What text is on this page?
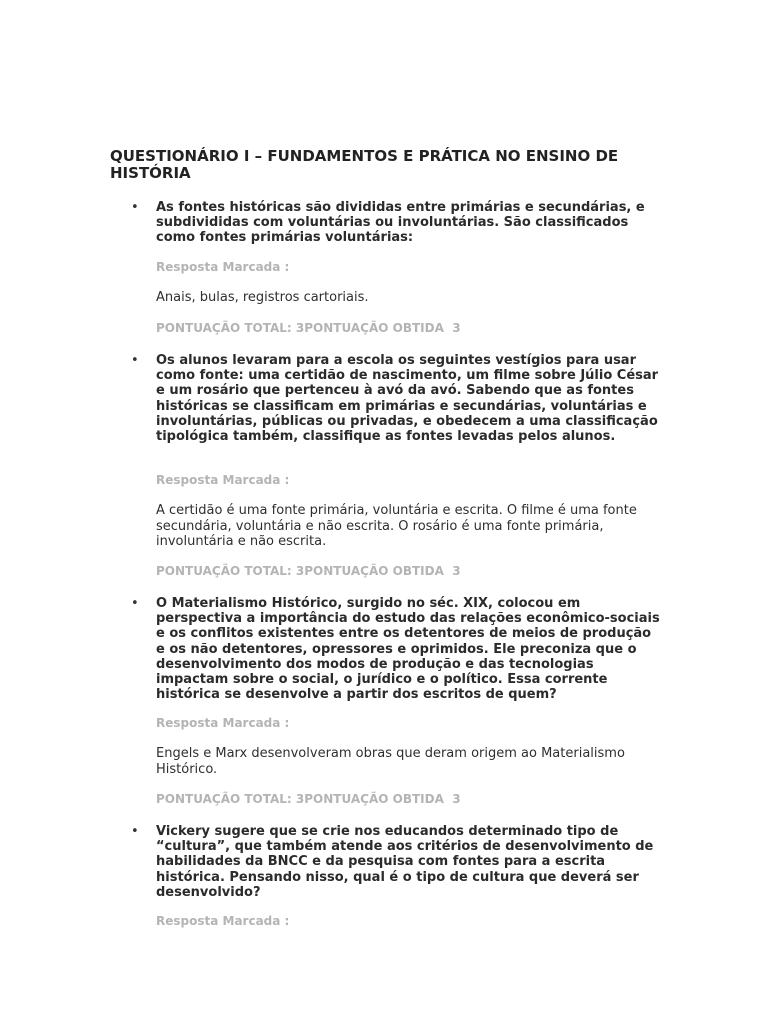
QUESTIONÁRIO I – FUNDAMENTOS E PRÁTICA NO ENSINO DE HISTÓRIA
• As fontes históricas são divididas entre primárias e secundárias, e subdivididas com voluntárias ou involuntárias. São classificados como fontes primárias voluntárias:

Resposta Marcada :
Anais, bulas, registros cartoriais.
PONTUAÇÃO TOTAL: 3PONTUAÇÃO OBTIDA  3
• Os alunos levaram para a escola os seguintes vestígios para usar como fonte: uma certidão de nascimento, um filme sobre Júlio César e um rosário que pertenceu à avó da avó. Sabendo que as fontes históricas se classificam em primárias e secundárias, voluntárias e involuntárias, públicas ou privadas, e obedecem a uma classificação tipológica também, classifique as fontes levadas pelos alunos.

Resposta Marcada :
A certidão é uma fonte primária, voluntária e escrita. O filme é uma fonte secundária, voluntária e não escrita. O rosário é uma fonte primária, involuntária e não escrita.
PONTUAÇÃO TOTAL: 3PONTUAÇÃO OBTIDA  3
• O Materialismo Histórico, surgido no séc. XIX, colocou em perspectiva a importância do estudo das relações econômico-sociais e os conflitos existentes entre os detentores de meios de produção e os não detentores, opressores e oprimidos. Ele preconiza que o desenvolvimento dos modos de produção e das tecnologias impactam sobre o social, o jurídico e o político. Essa corrente histórica se desenvolve a partir dos escritos de quem?

Resposta Marcada :
Engels e Marx desenvolveram obras que deram origem ao Materialismo Histórico.
PONTUAÇÃO TOTAL: 3PONTUAÇÃO OBTIDA  3
• Vickery sugere que se crie nos educandos determinado tipo de “cultura”, que também atende aos critérios de desenvolvimento de habilidades da BNCC e da pesquisa com fontes para a escrita histórica. Pensando nisso, qual é o tipo de cultura que deverá ser desenvolvido?

Resposta Marcada :
